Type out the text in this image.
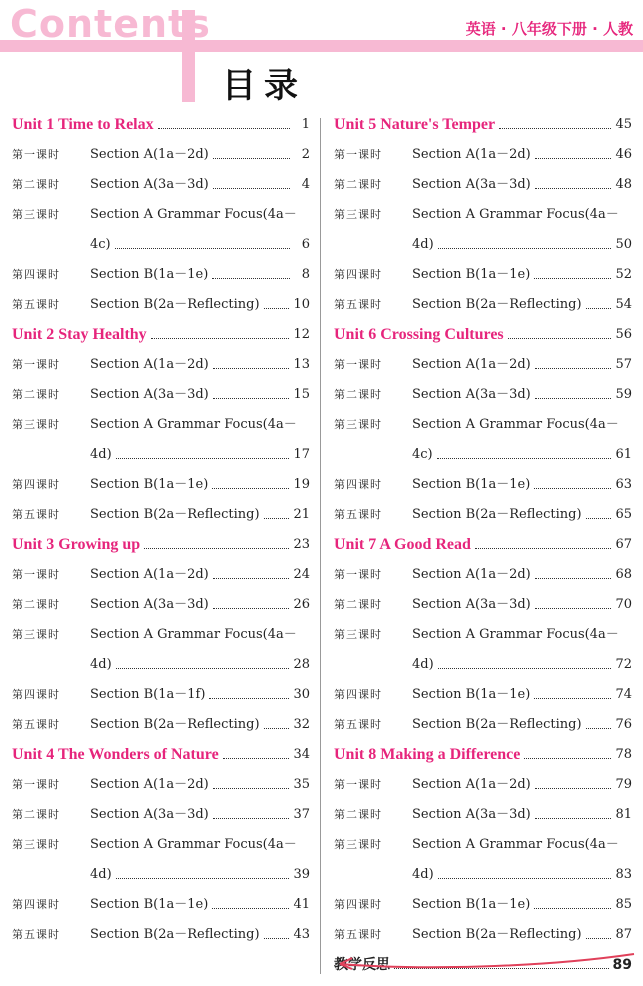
Contents	英语 · 八年级下册 · 人教
目录
Unit 1 Time to Relax	1
第一课时	Section A(1a－2d)	2
第二课时	Section A(3a－3d)	4
第三课时	Section A Grammar Focus(4a－
4c)	6
第四课时	Section B(1a－1e)	8
第五课时	Section B(2a－Reflecting)	10
Unit 2 Stay Healthy	12
第一课时	Section A(1a－2d)	13
第二课时	Section A(3a－3d)	15
第三课时	Section A Grammar Focus(4a－
4d)	17
第四课时	Section B(1a－1e)	19
第五课时	Section B(2a－Reflecting)	21
Unit 3 Growing up	23
第一课时	Section A(1a－2d)	24
第二课时	Section A(3a－3d)	26
第三课时	Section A Grammar Focus(4a－
4d)	28
第四课时	Section B(1a－1f)	30
第五课时	Section B(2a－Reflecting)	32
Unit 4 The Wonders of Nature	34
第一课时	Section A(1a－2d)	35
第二课时	Section A(3a－3d)	37
第三课时	Section A Grammar Focus(4a－
4d)	39
第四课时	Section B(1a－1e)	41
第五课时	Section B(2a－Reflecting)	43
Unit 5 Nature's Temper	45
第一课时	Section A(1a－2d)	46
第二课时	Section A(3a－3d)	48
第三课时	Section A Grammar Focus(4a－
4d)	50
第四课时	Section B(1a－1e)	52
第五课时	Section B(2a－Reflecting)	54
Unit 6 Crossing Cultures	56
第一课时	Section A(1a－2d)	57
第二课时	Section A(3a－3d)	59
第三课时	Section A Grammar Focus(4a－
4c)	61
第四课时	Section B(1a－1e)	63
第五课时	Section B(2a－Reflecting)	65
Unit 7 A Good Read	67
第一课时	Section A(1a－2d)	68
第二课时	Section A(3a－3d)	70
第三课时	Section A Grammar Focus(4a－
4d)	72
第四课时	Section B(1a－1e)	74
第五课时	Section B(2a－Reflecting)	76
Unit 8 Making a Difference	78
第一课时	Section A(1a－2d)	79
第二课时	Section A(3a－3d)	81
第三课时	Section A Grammar Focus(4a－
4d)	83
第四课时	Section B(1a－1e)	85
第五课时	Section B(2a－Reflecting)	87
教学反思	89
